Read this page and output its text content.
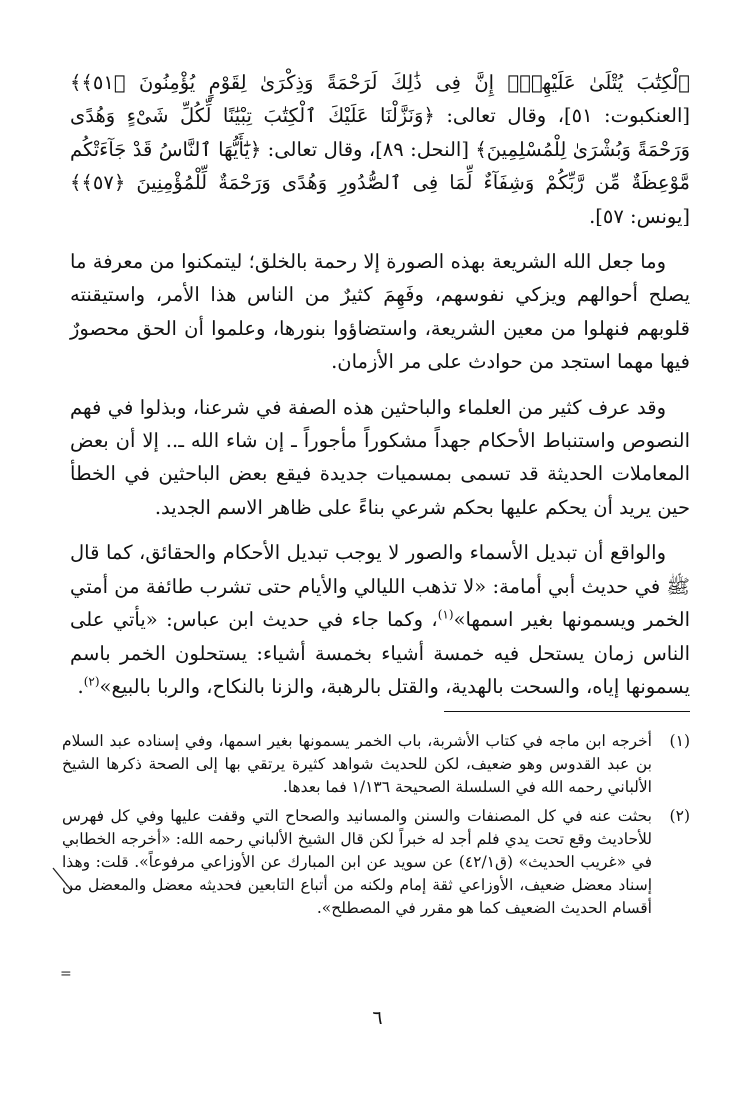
ٱلْكِتَٰبَ يُتْلَىٰ عَلَيْهِمْۚ إِنَّ فِى ذَٰلِكَ لَرَحْمَةً وَذِكْرَىٰ لِقَوْمٍ يُؤْمِنُونَ ﴿٥١﴾﴾ [العنكبوت: ٥١]، وقال تعالى: ﴿وَنَزَّلْنَا عَلَيْكَ ٱلْكِتَٰبَ تِبْيَٰنًا لِّكُلِّ شَىْءٍ وَهُدًى وَرَحْمَةً وَبُشْرَىٰ لِلْمُسْلِمِينَ﴾ [النحل: ٨٩]، وقال تعالى: ﴿يَٰٓأَيُّهَا ٱلنَّاسُ قَدْ جَآءَتْكُم مَّوْعِظَةٌ مِّن رَّبِّكُمْ وَشِفَآءٌ لِّمَا فِى ٱلصُّدُورِ وَهُدًى وَرَحْمَةٌ لِّلْمُؤْمِنِينَ ﴿٥٧﴾﴾ [يونس: ٥٧].

وما جعل الله الشريعة بهذه الصورة إلا رحمة بالخلق؛ ليتمكنوا من معرفة ما يصلح أحوالهم ويزكي نفوسهم، وفَهِمَ كثيرٌ من الناس هذا الأمر، واستيقنته قلوبهم فنهلوا من معين الشريعة، واستضاؤوا بنورها، وعلموا أن الحق محصورٌ فيها مهما استجد من حوادث على مر الأزمان.

وقد عرف كثير من العلماء والباحثين هذه الصفة في شرعنا، وبذلوا في فهم النصوص واستنباط الأحكام جهداً مشكوراً مأجوراً ـ إن شاء الله ـ.. إلا أن بعض المعاملات الحديثة قد تسمى بمسميات جديدة فيقع بعض الباحثين في الخطأ حين يريد أن يحكم عليها بحكم شرعي بناءً على ظاهر الاسم الجديد.

والواقع أن تبديل الأسماء والصور لا يوجب تبديل الأحكام والحقائق، كما قال ﷺ في حديث أبي أمامة: «لا تذهب الليالي والأيام حتى تشرب طائفة من أمتي الخمر ويسمونها بغير اسمها»$^{(١)}$، وكما جاء في حديث ابن عباس: «يأتي على الناس زمان يستحل فيه خمسة أشياء بخمسة أشياء: يستحلون الخمر باسم يسمونها إياه، والسحت بالهدية، والقتل بالرهبة، والزنا بالنكاح، والربا بالبيع»$^{(٢)}$.

(١)
أخرجه ابن ماجه في كتاب الأشربة، باب الخمر يسمونها بغير اسمها، وفي إسناده عبد السلام بن عبد القدوس وهو ضعيف، لكن للحديث شواهد كثيرة يرتقي بها إلى الصحة ذكرها الشيخ الألباني رحمه الله في السلسلة الصحيحة ١/١٣٦ فما بعدها.
(٢)
بحثت عنه في كل المصنفات والسنن والمسانيد والصحاح التي وقفت عليها وفي كل فهرس للأحاديث وقع تحت يدي فلم أجد له خبراً لكن قال الشيخ الألباني رحمه الله: «أخرجه الخطابي في «غريب الحديث» (ق٤٢/١) عن سويد عن ابن المبارك عن الأوزاعي مرفوعاً». قلت: وهذا إسناد معضل ضعيف، الأوزاعي ثقة إمام ولكنه من أتباع التابعين فحديثه معضل والمعضل من أقسام الحديث الضعيف كما هو مقرر في المصطلح».
=
٦
